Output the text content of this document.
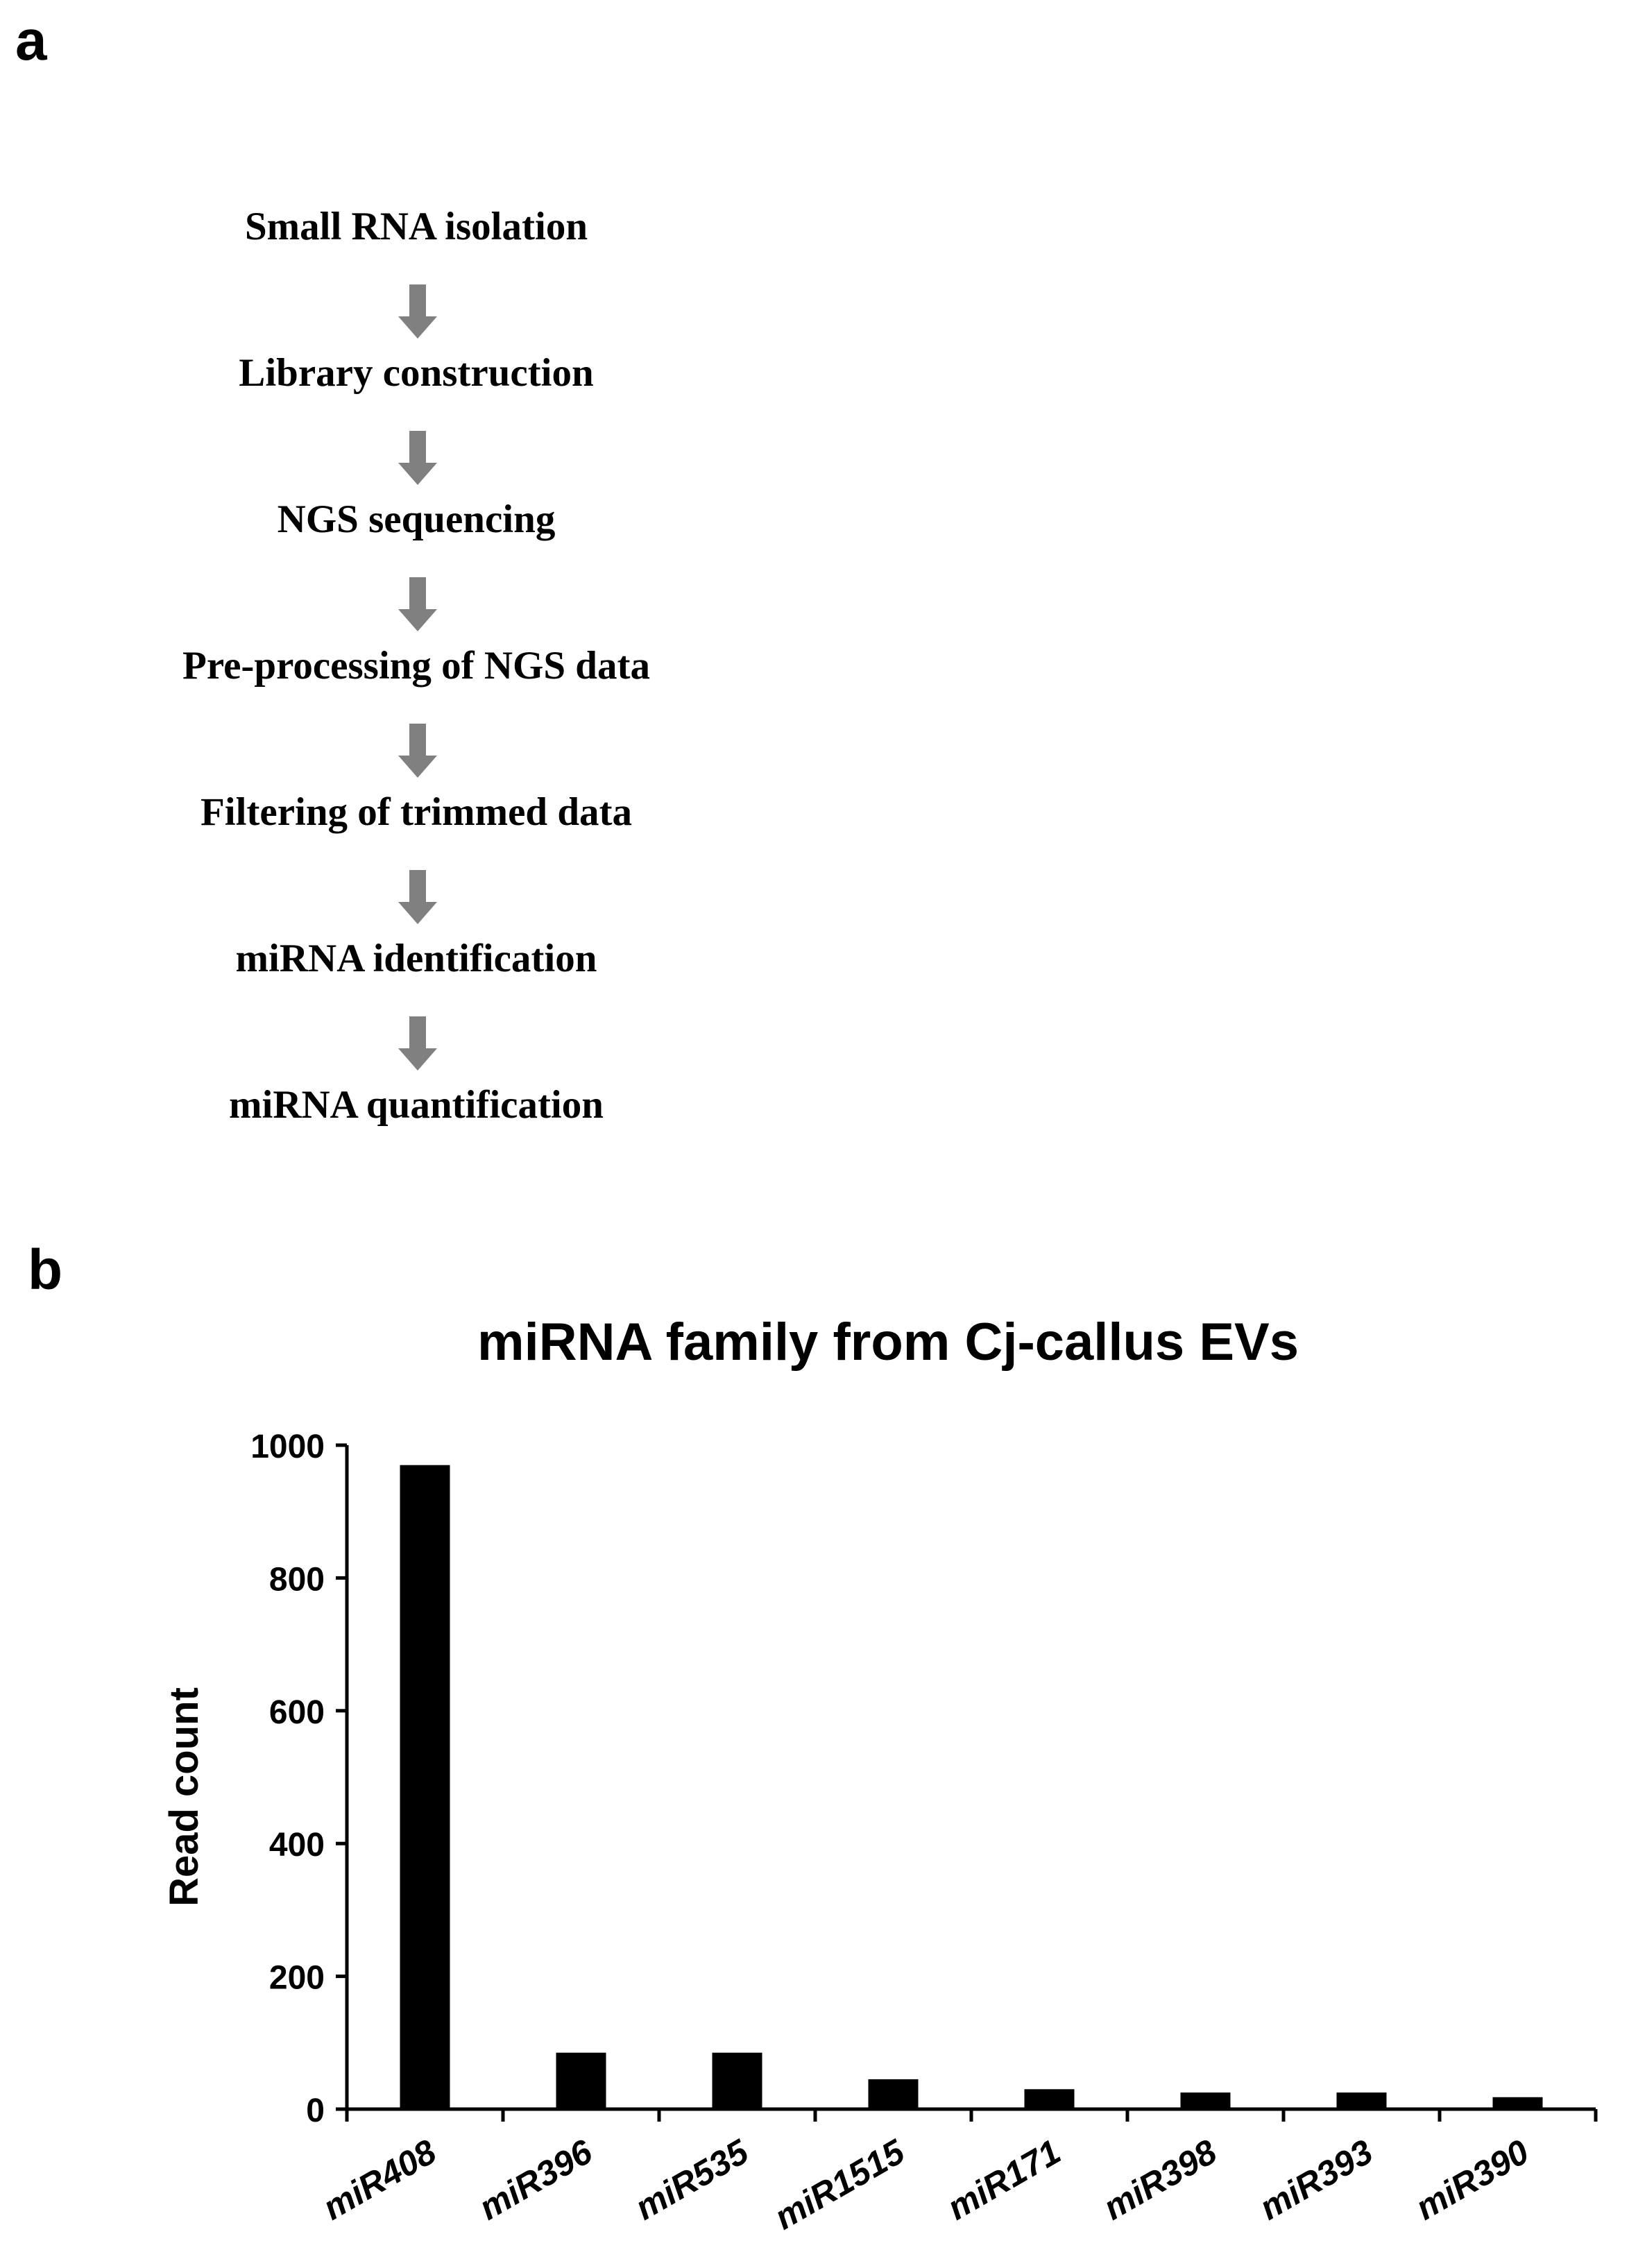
a
Small RNA isolation
Library construction
NGS sequencing
Pre-processing of NGS data
Filtering of trimmed data
miRNA identification
miRNA quantification
b
miRNA family from Cj-callus EVs
Read count
0
200
400
600
800
1000
miR408 miR396 miR535 miR1515 miR171 miR398 miR393 miR390
